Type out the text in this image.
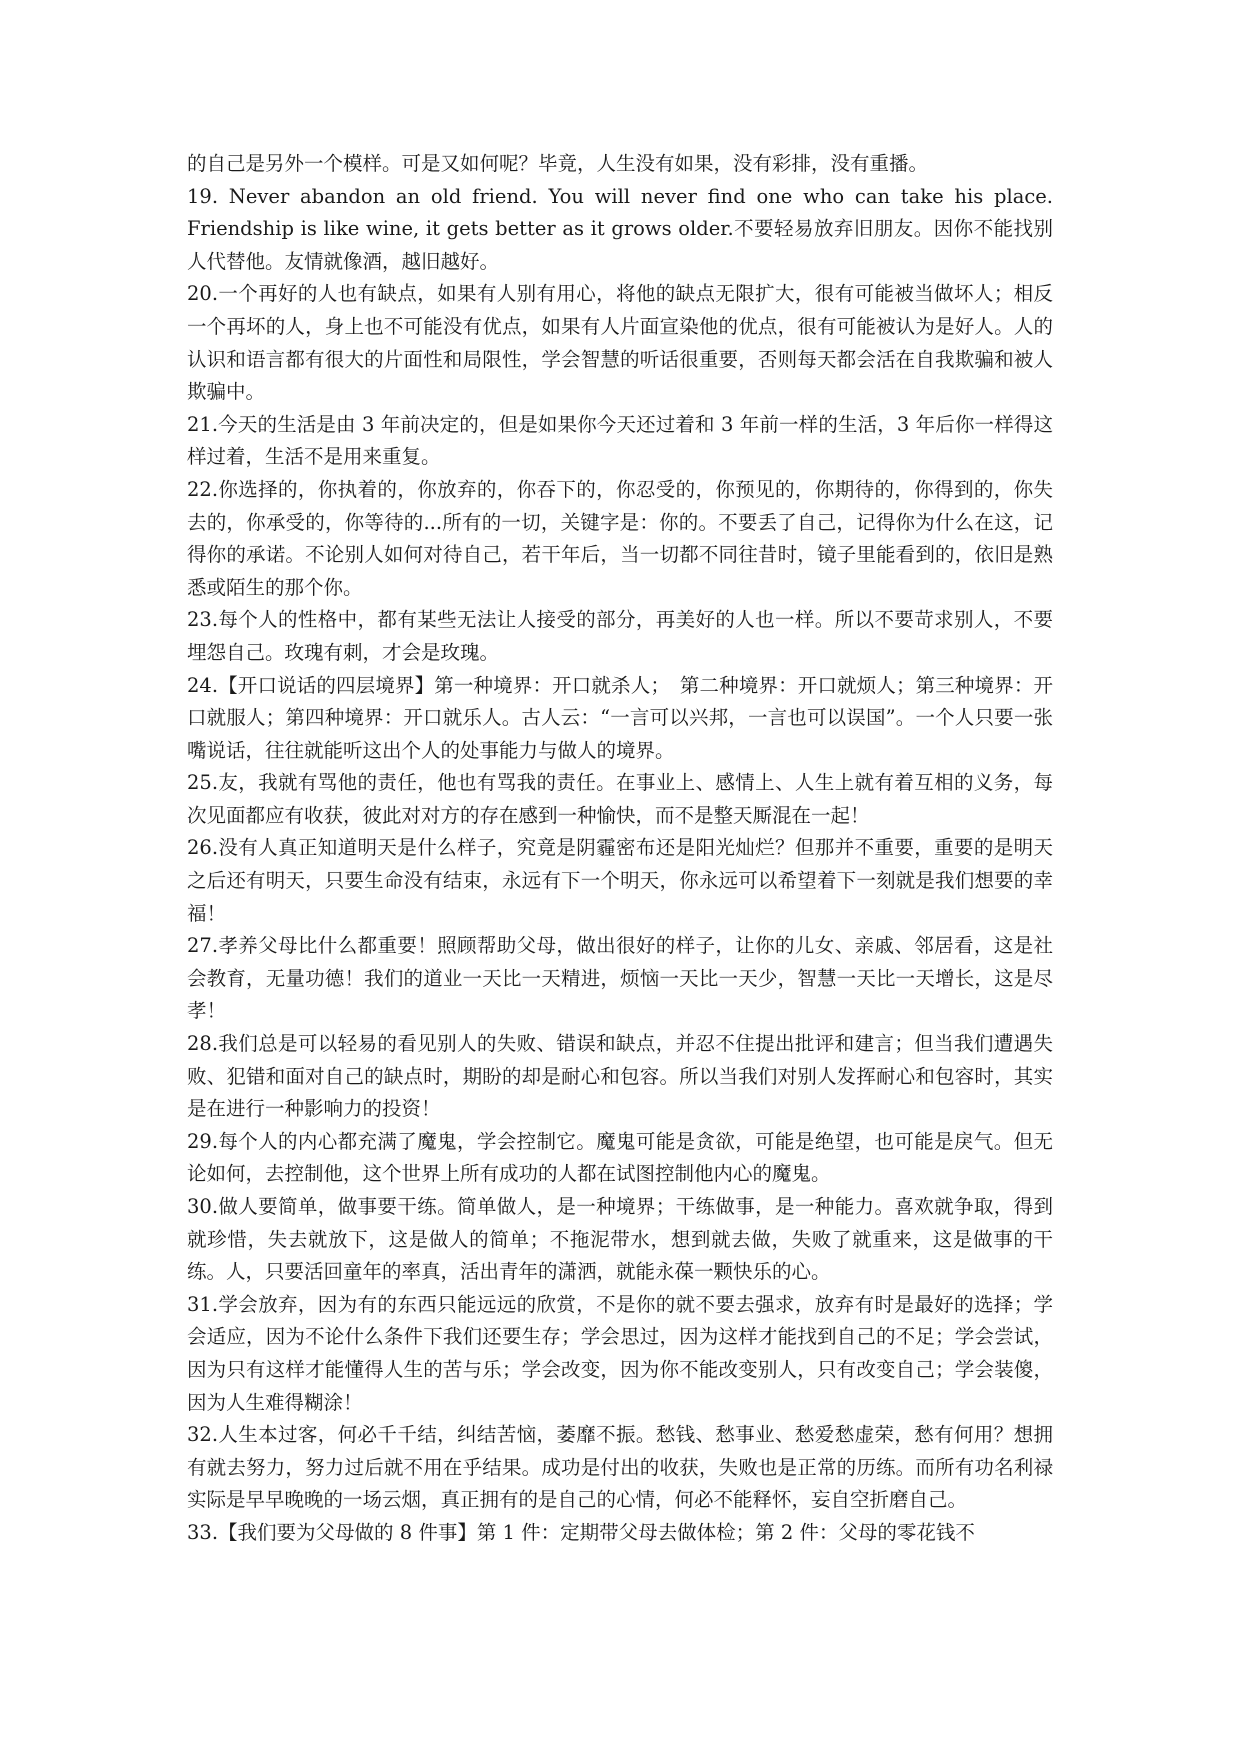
的自己是另外一个模样。可是又如何呢？毕竟，人生没有如果，没有彩排，没有重播。

19. Never abandon an old friend. You will never find one who can take his place. Friendship is like wine, it gets better as it grows older.不要轻易放弃旧朋友。因你不能找别人代替他。友情就像酒，越旧越好。

20.一个再好的人也有缺点，如果有人别有用心，将他的缺点无限扩大，很有可能被当做坏人；相反一个再坏的人，身上也不可能没有优点，如果有人片面宣染他的优点，很有可能被认为是好人。人的认识和语言都有很大的片面性和局限性，学会智慧的听话很重要，否则每天都会活在自我欺骗和被人欺骗中。

21.今天的生活是由 3 年前决定的，但是如果你今天还过着和 3 年前一样的生活，3 年后你一样得这样过着，生活不是用来重复。

22.你选择的，你执着的，你放弃的，你吞下的，你忍受的，你预见的，你期待的，你得到的，你失去的，你承受的，你等待的...所有的一切，关键字是：你的。不要丢了自己，记得你为什么在这，记得你的承诺。不论别人如何对待自己，若干年后，当一切都不同往昔时，镜子里能看到的，依旧是熟悉或陌生的那个你。

23.每个人的性格中，都有某些无法让人接受的部分，再美好的人也一样。所以不要苛求别人，不要埋怨自己。玫瑰有刺，才会是玫瑰。

24.【开口说话的四层境界】第一种境界：开口就杀人；　第二种境界：开口就烦人；第三种境界：开口就服人；第四种境界：开口就乐人。古人云：“一言可以兴邦，一言也可以误国”。一个人只要一张嘴说话，往往就能听这出个人的处事能力与做人的境界。

25.友，我就有骂他的责任，他也有骂我的责任。在事业上、感情上、人生上就有着互相的义务，每次见面都应有收获，彼此对对方的存在感到一种愉快，而不是整天厮混在一起！

26.没有人真正知道明天是什么样子，究竟是阴霾密布还是阳光灿烂？但那并不重要，重要的是明天之后还有明天，只要生命没有结束，永远有下一个明天，你永远可以希望着下一刻就是我们想要的幸福！

27.孝养父母比什么都重要！照顾帮助父母，做出很好的样子，让你的儿女、亲戚、邻居看，这是社会教育，无量功德！我们的道业一天比一天精进，烦恼一天比一天少，智慧一天比一天增长，这是尽孝！

28.我们总是可以轻易的看见别人的失败、错误和缺点，并忍不住提出批评和建言；但当我们遭遇失败、犯错和面对自己的缺点时，期盼的却是耐心和包容。所以当我们对别人发挥耐心和包容时，其实是在进行一种影响力的投资！

29.每个人的内心都充满了魔鬼，学会控制它。魔鬼可能是贪欲，可能是绝望，也可能是戾气。但无论如何，去控制他，这个世界上所有成功的人都在试图控制他内心的魔鬼。

30.做人要简单，做事要干练。简单做人，是一种境界；干练做事，是一种能力。喜欢就争取，得到就珍惜，失去就放下，这是做人的简单；不拖泥带水，想到就去做，失败了就重来，这是做事的干练。人，只要活回童年的率真，活出青年的潇洒，就能永葆一颗快乐的心。

31.学会放弃，因为有的东西只能远远的欣赏，不是你的就不要去强求，放弃有时是最好的选择；学会适应，因为不论什么条件下我们还要生存；学会思过，因为这样才能找到自己的不足；学会尝试，因为只有这样才能懂得人生的苦与乐；学会改变，因为你不能改变别人，只有改变自己；学会装傻，因为人生难得糊涂！

32.人生本过客，何必千千结，纠结苦恼，萎靡不振。愁钱、愁事业、愁爱愁虚荣，愁有何用？想拥有就去努力，努力过后就不用在乎结果。成功是付出的收获，失败也是正常的历练。而所有功名利禄实际是早早晚晚的一场云烟，真正拥有的是自己的心情，何必不能释怀，妄自空折磨自己。

33.【我们要为父母做的 8 件事】第 1 件：定期带父母去做体检；第 2 件：父母的零花钱不
